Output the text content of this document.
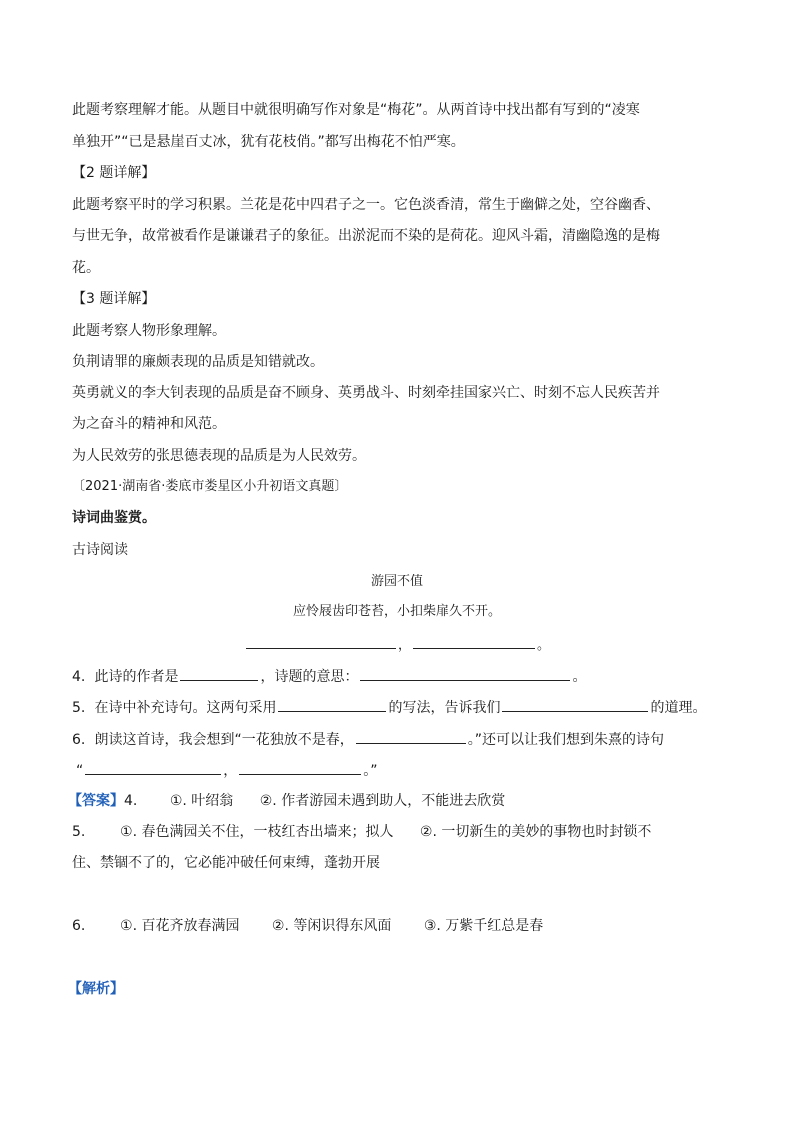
此题考察理解才能。从题目中就很明确写作对象是“梅花”。从两首诗中找出都有写到的“凌寒
单独开”“已是悬崖百丈冰，犹有花枝俏。”都写出梅花不怕严寒。
【2 题详解】
此题考察平时的学习积累。兰花是花中四君子之一。它色淡香清，常生于幽僻之处，空谷幽香、
与世无争，故常被看作是谦谦君子的象征。出淤泥而不染的是荷花。迎风斗霜，清幽隐逸的是梅
花。
【3 题详解】
此题考察人物形象理解。
负荆请罪的廉颇表现的品质是知错就改。
英勇就义的李大钊表现的品质是奋不顾身、英勇战斗、时刻牵挂国家兴亡、时刻不忘人民疾苦并
为之奋斗的精神和风范。
为人民效劳的张思德表现的品质是为人民效劳。
〔2021·湖南省·娄底市娄星区小升初语文真题〕
诗词曲鉴赏。
古诗阅读
游园不值
应怜屐齿印苍苔，小扣柴扉久不开。
，	。
4. 此诗的作者是	，诗题的意思：	。
5. 在诗中补充诗句。这两句采用	的写法，告诉我们	的道理。
6. 朗读这首诗，我会想到“一花独放不是春，	。”还可以让我们想到朱熹的诗句
“	，	。”
【答案】4. ①. 叶绍翁 ②. 作者游园未遇到助人，不能进去欣赏
5. ①. 春色满园关不住，一枝红杏出墙来；拟人 ②. 一切新生的美妙的事物也时封锁不
住、禁锢不了的，它必能冲破任何束缚，蓬勃开展
6. ①. 百花齐放春满园 ②. 等闲识得东风面 ③. 万紫千红总是春
【解析】
